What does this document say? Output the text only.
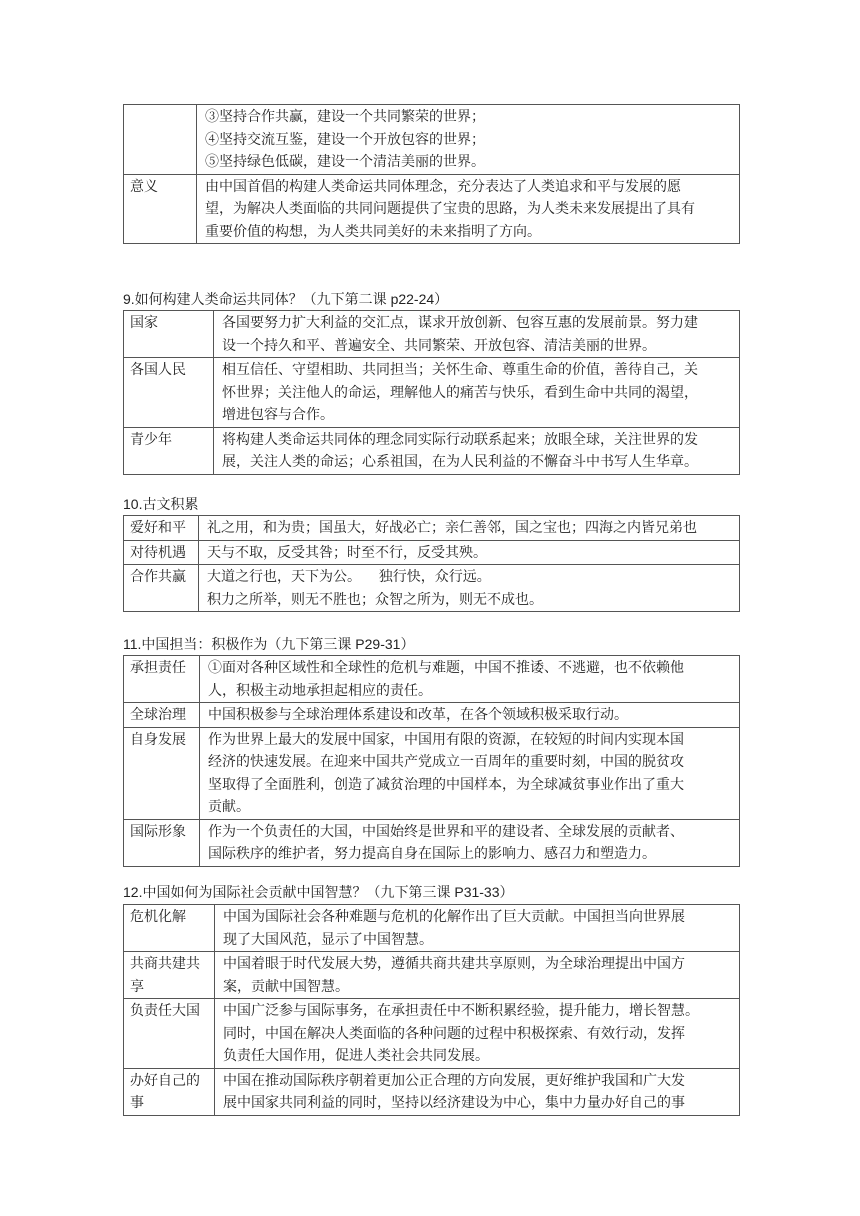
	③坚持合作共赢，建设一个共同繁荣的世界；
④坚持交流互鉴，建设一个开放包容的世界；
⑤坚持绿色低碳，建设一个清洁美丽的世界。

意义	由中国首倡的构建人类命运共同体理念，充分表达了人类追求和平与发展的愿
望，为解决人类面临的共同问题提供了宝贵的思路，为人类未来发展提出了具有
重要价值的构想，为人类共同美好的未来指明了方向。
9.如何构建人类命运共同体？（九下第二课 p22-24）
国家	各国要努力扩大利益的交汇点，谋求开放创新、包容互惠的发展前景。努力建
设一个持久和平、普遍安全、共同繁荣、开放包容、清洁美丽的世界。

各国人民	相互信任、守望相助、共同担当；关怀生命、尊重生命的价值，善待自己，关
怀世界；关注他人的命运，理解他人的痛苦与快乐，看到生命中共同的渴望，
增进包容与合作。

青少年	将构建人类命运共同体的理念同实际行动联系起来；放眼全球，关注世界的发
展，关注人类的命运；心系祖国，在为人民利益的不懈奋斗中书写人生华章。
10.古文积累
爱好和平	礼之用，和为贵；国虽大，好战必亡；亲仁善邻，国之宝也；四海之内皆兄弟也

对待机遇	天与不取，反受其咎；时至不行，反受其殃。

合作共赢	大道之行也，天下为公。    独行快，众行远。
积力之所举，则无不胜也；众智之所为，则无不成也。
11.中国担当：积极作为（九下第三课 P29-31）
承担责任	①面对各种区域性和全球性的危机与难题，中国不推诿、不逃避，也不依赖他
人，积极主动地承担起相应的责任。

全球治理	中国积极参与全球治理体系建设和改革，在各个领域积极采取行动。

自身发展	作为世界上最大的发展中国家，中国用有限的资源，在较短的时间内实现本国
经济的快速发展。在迎来中国共产党成立一百周年的重要时刻，中国的脱贫攻
坚取得了全面胜利，创造了减贫治理的中国样本，为全球减贫事业作出了重大
贡献。

国际形象	作为一个负责任的大国，中国始终是世界和平的建设者、全球发展的贡献者、
国际秩序的维护者，努力提高自身在国际上的影响力、感召力和塑造力。
12.中国如何为国际社会贡献中国智慧？（九下第三课 P31-33）
危机化解	中国为国际社会各种难题与危机的化解作出了巨大贡献。中国担当向世界展
现了大国风范，显示了中国智慧。

共商共建共
享	中国着眼于时代发展大势，遵循共商共建共享原则，为全球治理提出中国方
案，贡献中国智慧。

负责任大国	中国广泛参与国际事务，在承担责任中不断积累经验，提升能力，增长智慧。
同时，中国在解决人类面临的各种问题的过程中积极探索、有效行动，发挥
负责任大国作用，促进人类社会共同发展。

办好自己的
事	中国在推动国际秩序朝着更加公正合理的方向发展，更好维护我国和广大发
展中国家共同利益的同时，坚持以经济建设为中心，集中力量办好自己的事
